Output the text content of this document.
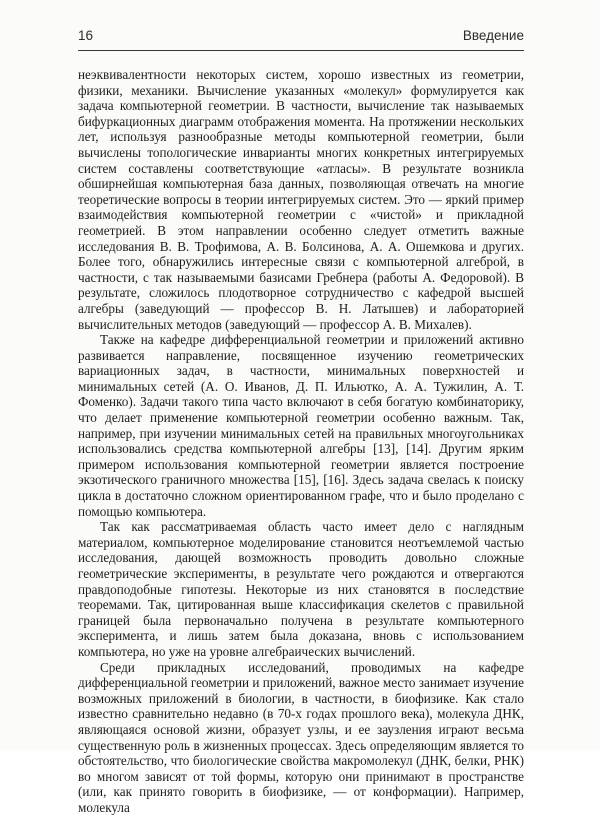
16	Введение

неэквивалентности некоторых систем, хорошо известных из геометрии, физики, механики. Вычисление указанных «молекул» формулируется как задача компьютерной геометрии. В частности, вычисление так называемых бифуркационных диаграмм отображения момента. На протяжении нескольких лет, используя разнообразные методы компьютерной геометрии, были вычислены топологические инварианты многих конкретных интегрируемых систем составлены соответствующие «атласы». В результате возникла обширнейшая компьютерная база данных, позволяющая отвечать на многие теоретические вопросы в теории интегрируемых систем. Это — яркий пример взаимодействия компьютерной геометрии с «чистой» и прикладной геометрией. В этом направлении особенно следует отметить важные исследования В. В. Трофимова, А. В. Болсинова, А. А. Ошемкова и других. Более того, обнаружились интересные связи с компьютерной алгеброй, в частности, с так называемыми базисами Гребнера (работы А. Федоровой). В результате, сложилось плодотворное сотрудничество с кафедрой высшей алгебры (заведующий — профессор В. Н. Латышев) и лабораторией вычислительных методов (заведующий — профессор А. В. Михалев).

Также на кафедре дифференциальной геометрии и приложений активно развивается направление, посвященное изучению геометрических вариационных задач, в частности, минимальных поверхностей и минимальных сетей (А. О. Иванов, Д. П. Ильютко, А. А. Тужилин, А. Т. Фоменко). Задачи такого типа часто включают в себя богатую комбинаторику, что делает применение компьютерной геометрии особенно важным. Так, например, при изучении минимальных сетей на правильных многоугольниках использовались средства компьютерной алгебры [13], [14]. Другим ярким примером использования компьютерной геометрии является построение экзотического граничного множества [15], [16]. Здесь задача свелась к поиску цикла в достаточно сложном ориентированном графе, что и было проделано с помощью компьютера.

Так как рассматриваемая область часто имеет дело с наглядным материалом, компьютерное моделирование становится неотъемлемой частью исследования, дающей возможность проводить довольно сложные геометрические эксперименты, в результате чего рождаются и отвергаются правдоподобные гипотезы. Некоторые из них становятся в последствие теоремами. Так, цитированная выше классификация скелетов с правильной границей была первоначально получена в результате компьютерного эксперимента, и лишь затем была доказана, вновь с использованием компьютера, но уже на уровне алгебраических вычислений.

Среди прикладных исследований, проводимых на кафедре дифференциальной геометрии и приложений, важное место занимает изучение возможных приложений в биологии, в частности, в биофизике. Как стало известно сравнительно недавно (в 70-х годах прошлого века), молекула ДНК, являющаяся основой жизни, образует узлы, и ее заузления играют весьма существенную роль в жизненных процессах. Здесь определяющим является то обстоятельство, что биологические свойства макромолекул (ДНК, белки, РНК) во многом зависят от той формы, которую они принимают в пространстве (или, как принято говорить в биофизике, — от конформации). Например, молекула
